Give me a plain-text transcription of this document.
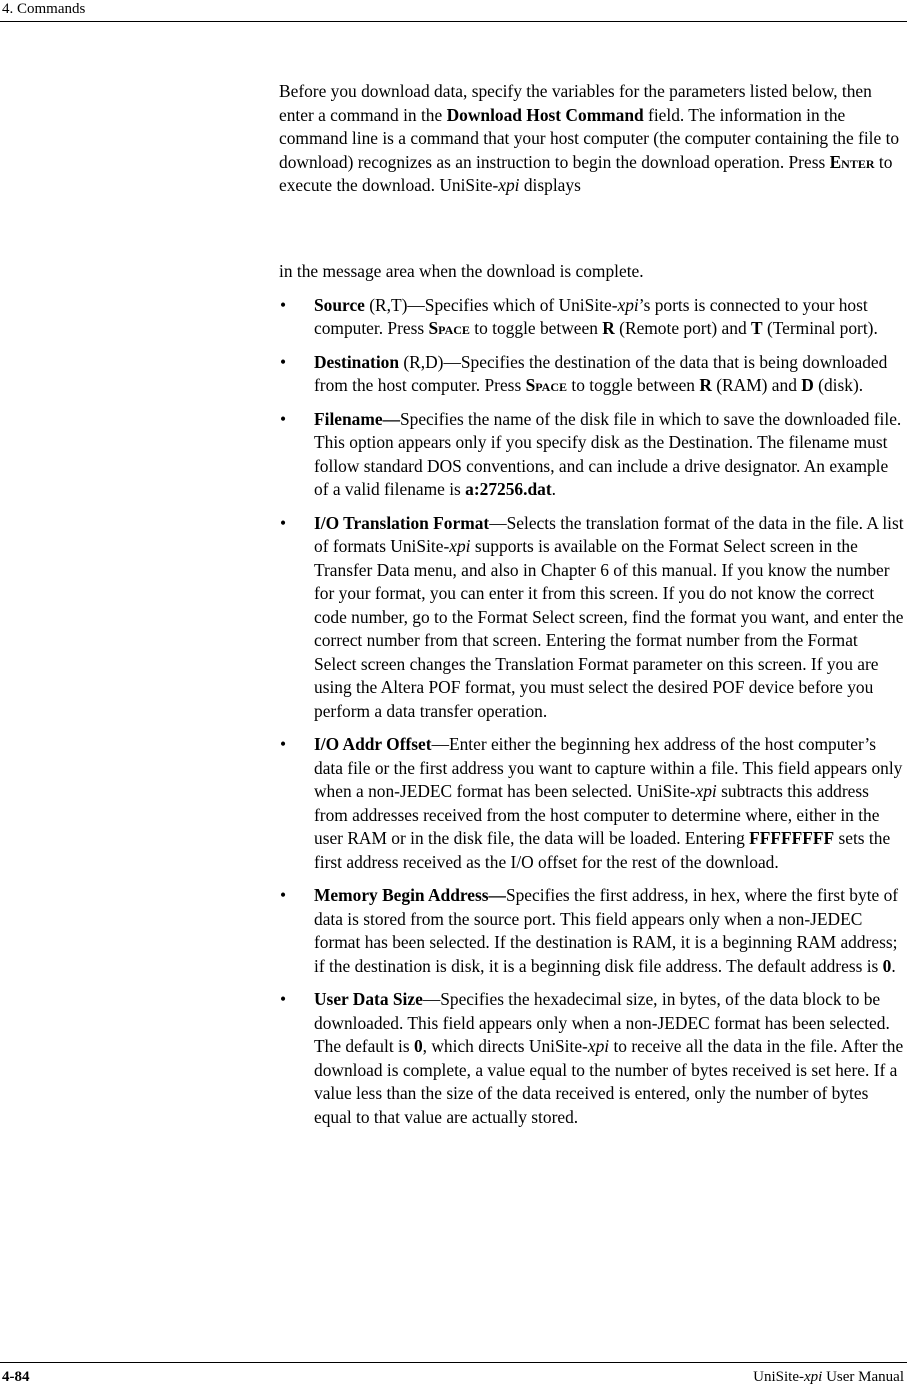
4. Commands

Before you download data, specify the variables for the parameters listed below, then enter a command in the Download Host Command field. The information in the command line is a command that your host computer (the computer containing the file to download) recognizes as an instruction to begin the download operation. Press Enter to execute the download. UniSite-xpi displays

in the message area when the download is complete.

• Source (R,T)—Specifies which of UniSite-xpi’s ports is connected to your host computer. Press Space to toggle between R (Remote port) and T (Terminal port).
• Destination (R,D)—Specifies the destination of the data that is being downloaded from the host computer. Press Space to toggle between R (RAM) and D (disk).
• Filename—Specifies the name of the disk file in which to save the downloaded file. This option appears only if you specify disk as the Destination. The filename must follow standard DOS conventions, and can include a drive designator. An example of a valid filename is a:27256.dat.
• I/O Translation Format—Selects the translation format of the data in the file. A list of formats UniSite-xpi supports is available on the Format Select screen in the Transfer Data menu, and also in Chapter 6 of this manual. If you know the number for your format, you can enter it from this screen. If you do not know the correct code number, go to the Format Select screen, find the format you want, and enter the correct number from that screen. Entering the format number from the Format Select screen changes the Translation Format parameter on this screen. If you are using the Altera POF format, you must select the desired POF device before you perform a data transfer operation.
• I/O Addr Offset—Enter either the beginning hex address of the host computer’s data file or the first address you want to capture within a file. This field appears only when a non-JEDEC format has been selected. UniSite-xpi subtracts this address from addresses received from the host computer to determine where, either in the user RAM or in the disk file, the data will be loaded. Entering FFFFFFFF sets the first address received as the I/O offset for the rest of the download.
• Memory Begin Address—Specifies the first address, in hex, where the first byte of data is stored from the source port. This field appears only when a non-JEDEC format has been selected. If the destination is RAM, it is a beginning RAM address; if the destination is disk, it is a beginning disk file address. The default address is 0.
• User Data Size—Specifies the hexadecimal size, in bytes, of the data block to be downloaded. This field appears only when a non-JEDEC format has been selected. The default is 0, which directs UniSite-xpi to receive all the data in the file. After the download is complete, a value equal to the number of bytes received is set here. If a value less than the size of the data received is entered, only the number of bytes equal to that value are actually stored.
4-84	UniSite-xpi User Manual
